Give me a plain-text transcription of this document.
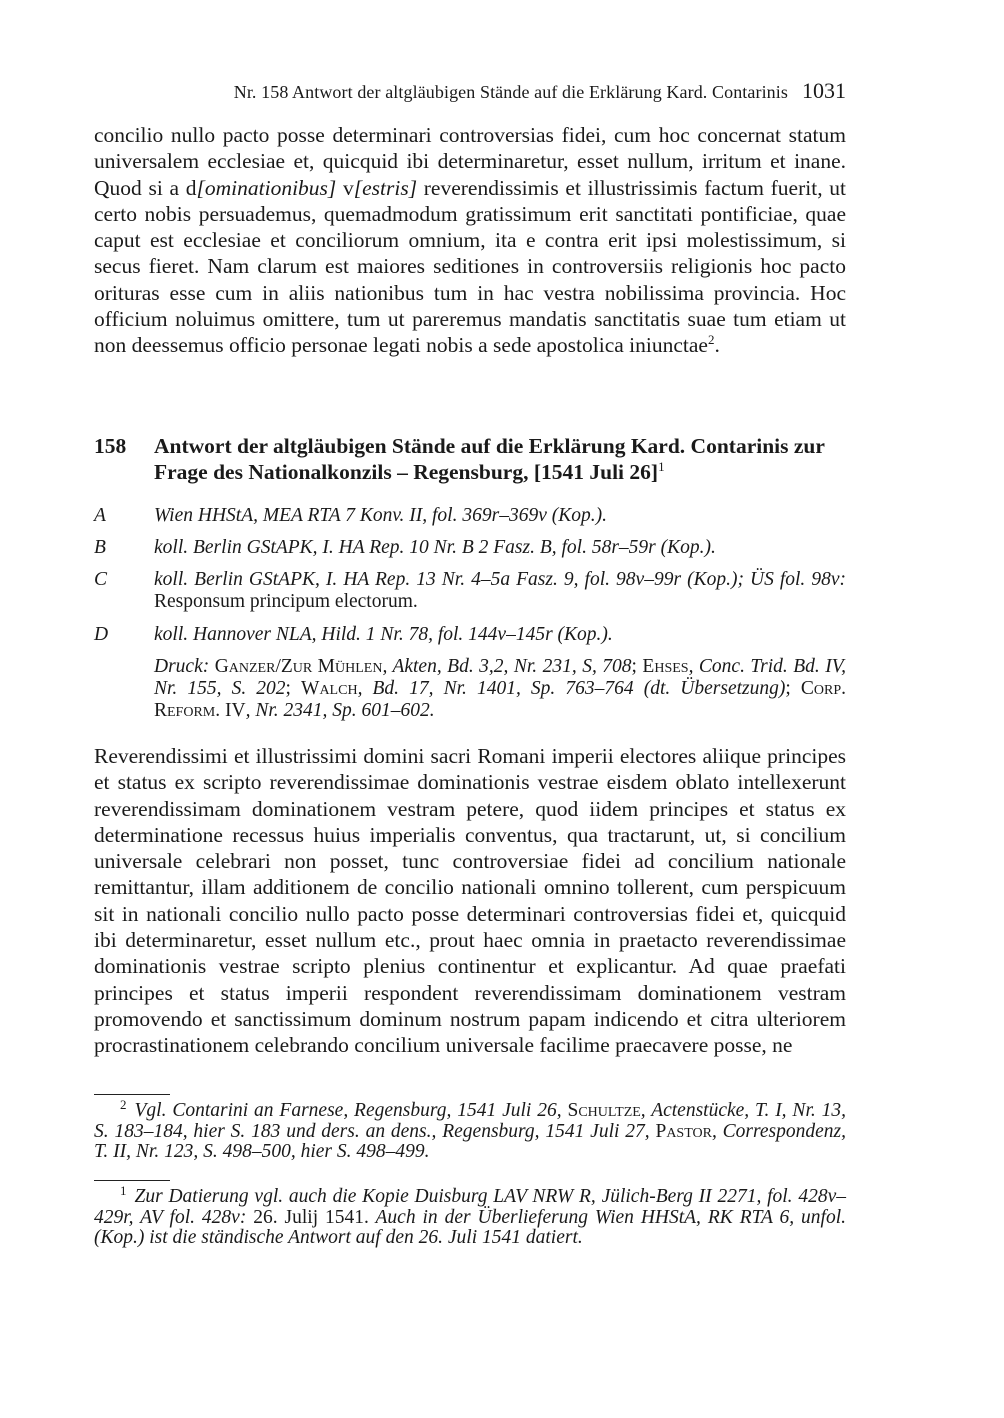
Nr. 158 Antwort der altgläubigen Stände auf die Erklärung Kard. Contarinis 1031

concilio nullo pacto posse determinari controversias fidei, cum hoc concernat statum universalem ecclesiae et, quicquid ibi determinaretur, esset nullum, irritum et inane. Quod si a d[ominationibus] v[estris] reverendissimis et illustrissimis factum fuerit, ut certo nobis persuademus, quemadmodum gratissimum erit sanctitati pontificiae, quae caput est ecclesiae et conciliorum omnium, ita e contra erit ipsi molestissimum, si secus fieret. Nam clarum est maiores seditiones in controversiis religionis hoc pacto orituras esse cum in aliis nationibus tum in hac vestra nobilissima provincia. Hoc officium noluimus omittere, tum ut pareremus mandatis sanctitatis suae tum etiam ut non deessemus officio personae legati nobis a sede apostolica iniunctae$^2$.

158	Antwort der altgläubigen Stände auf die Erklärung Kard. Contarinis zur Frage des Nationalkonzils – Regensburg, [1541 Juli 26]$^1$
A	Wien HHStA, MEA RTA 7 Konv. II, fol. 369r–369v (Kop.).
B	koll. Berlin GStAPK, I. HA Rep. 10 Nr. B 2 Fasz. B, fol. 58r–59r (Kop.).
C	koll. Berlin GStAPK, I. HA Rep. 13 Nr. 4–5a Fasz. 9, fol. 98v–99r (Kop.); ÜS fol. 98v: Responsum principum electorum.
D	koll. Hannover NLA, Hild. 1 Nr. 78, fol. 144v–145r (Kop.).
Druck: Ganzer/Zur Mühlen, Akten, Bd. 3,2, Nr. 231, S, 708; Ehses, Conc. Trid. Bd. IV, Nr. 155, S. 202; Walch, Bd. 17, Nr. 1401, Sp. 763–764 (dt. Übersetzung); Corp. Reform. IV, Nr. 2341, Sp. 601–602.

Reverendissimi et illustrissimi domini sacri Romani imperii electores aliique principes et status ex scripto reverendissimae dominationis vestrae eisdem oblato intellexerunt reverendissimam dominationem vestram petere, quod iidem principes et status ex determinatione recessus huius imperialis conventus, qua tractarunt, ut, si concilium universale celebrari non posset, tunc controversiae fidei ad concilium nationale remittantur, illam additionem de concilio nationali omnino tollerent, cum perspicuum sit in nationali concilio nullo pacto posse determinari controversias fidei et, quicquid ibi determinaretur, esset nullum etc., prout haec omnia in praetacto reverendissimae dominationis vestrae scripto plenius continentur et explicantur. Ad quae praefati principes et status imperii respondent reverendissimam dominationem vestram promovendo et sanctissimum dominum nostrum papam indicendo et citra ulteriorem procrastinationem celebrando concilium universale facilime praecavere posse, ne

$^2$ Vgl. Contarini an Farnese, Regensburg, 1541 Juli 26, Schultze, Actenstücke, T. I, Nr. 13, S. 183–184, hier S. 183 und ders. an dens., Regensburg, 1541 Juli 27, Pastor, Correspondenz, T. II, Nr. 123, S. 498–500, hier S. 498–499.
$^1$ Zur Datierung vgl. auch die Kopie Duisburg LAV NRW R, Jülich-Berg II 2271, fol. 428v–429r, AV fol. 428v: 26. Julij 1541. Auch in der Überlieferung Wien HHStA, RK RTA 6, unfol. (Kop.) ist die ständische Antwort auf den 26. Juli 1541 datiert.
